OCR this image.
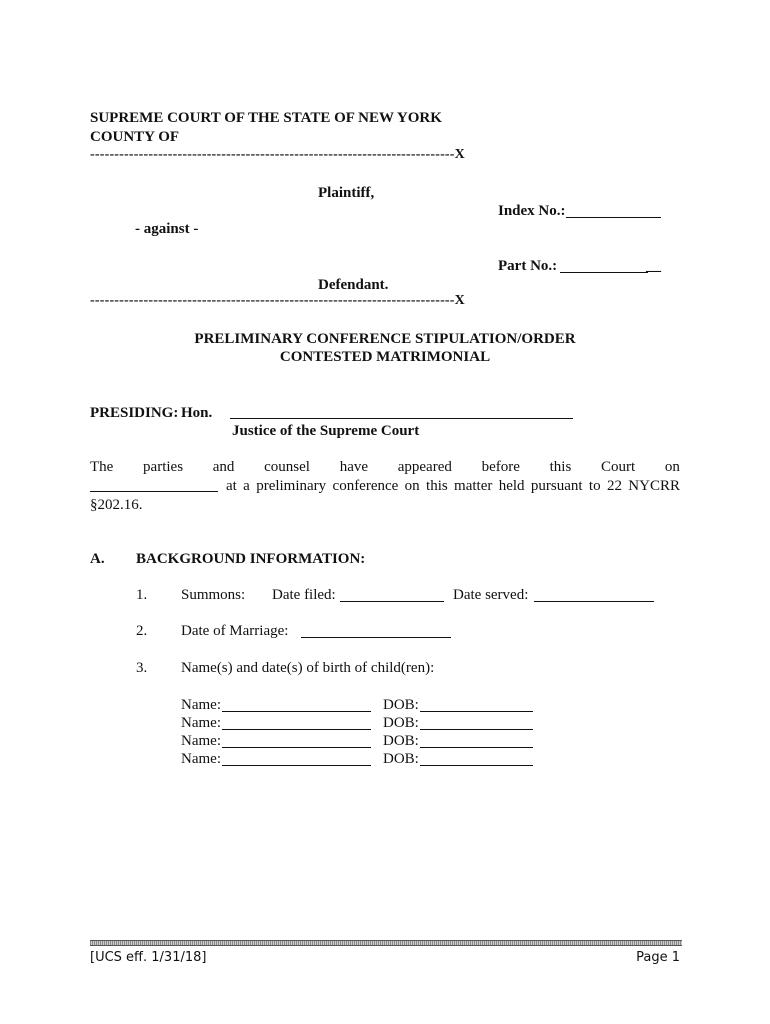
SUPREME COURT OF THE STATE OF NEW YORK
COUNTY OF
---------------------------------------------------------------------------X
Plaintiff,
Index No.:
- against -
Part No.:	__
Defendant.
---------------------------------------------------------------------------X
PRELIMINARY CONFERENCE STIPULATION/ORDER
CONTESTED MATRIMONIAL
PRESIDING: Hon.
Justice of the Supreme Court
The parties and counsel have appeared before this Court on
at a preliminary conference on this matter held pursuant to 22 NYCRR
§202.16.
A. BACKGROUND INFORMATION:
1. Summons: Date filed:	Date served:
2. Date of Marriage:
3. Name(s) and date(s) of birth of child(ren):
Name:	DOB:
Name:	DOB:
Name:	DOB:
Name:	DOB:
[UCS eff. 1/31/18]	Page 1
